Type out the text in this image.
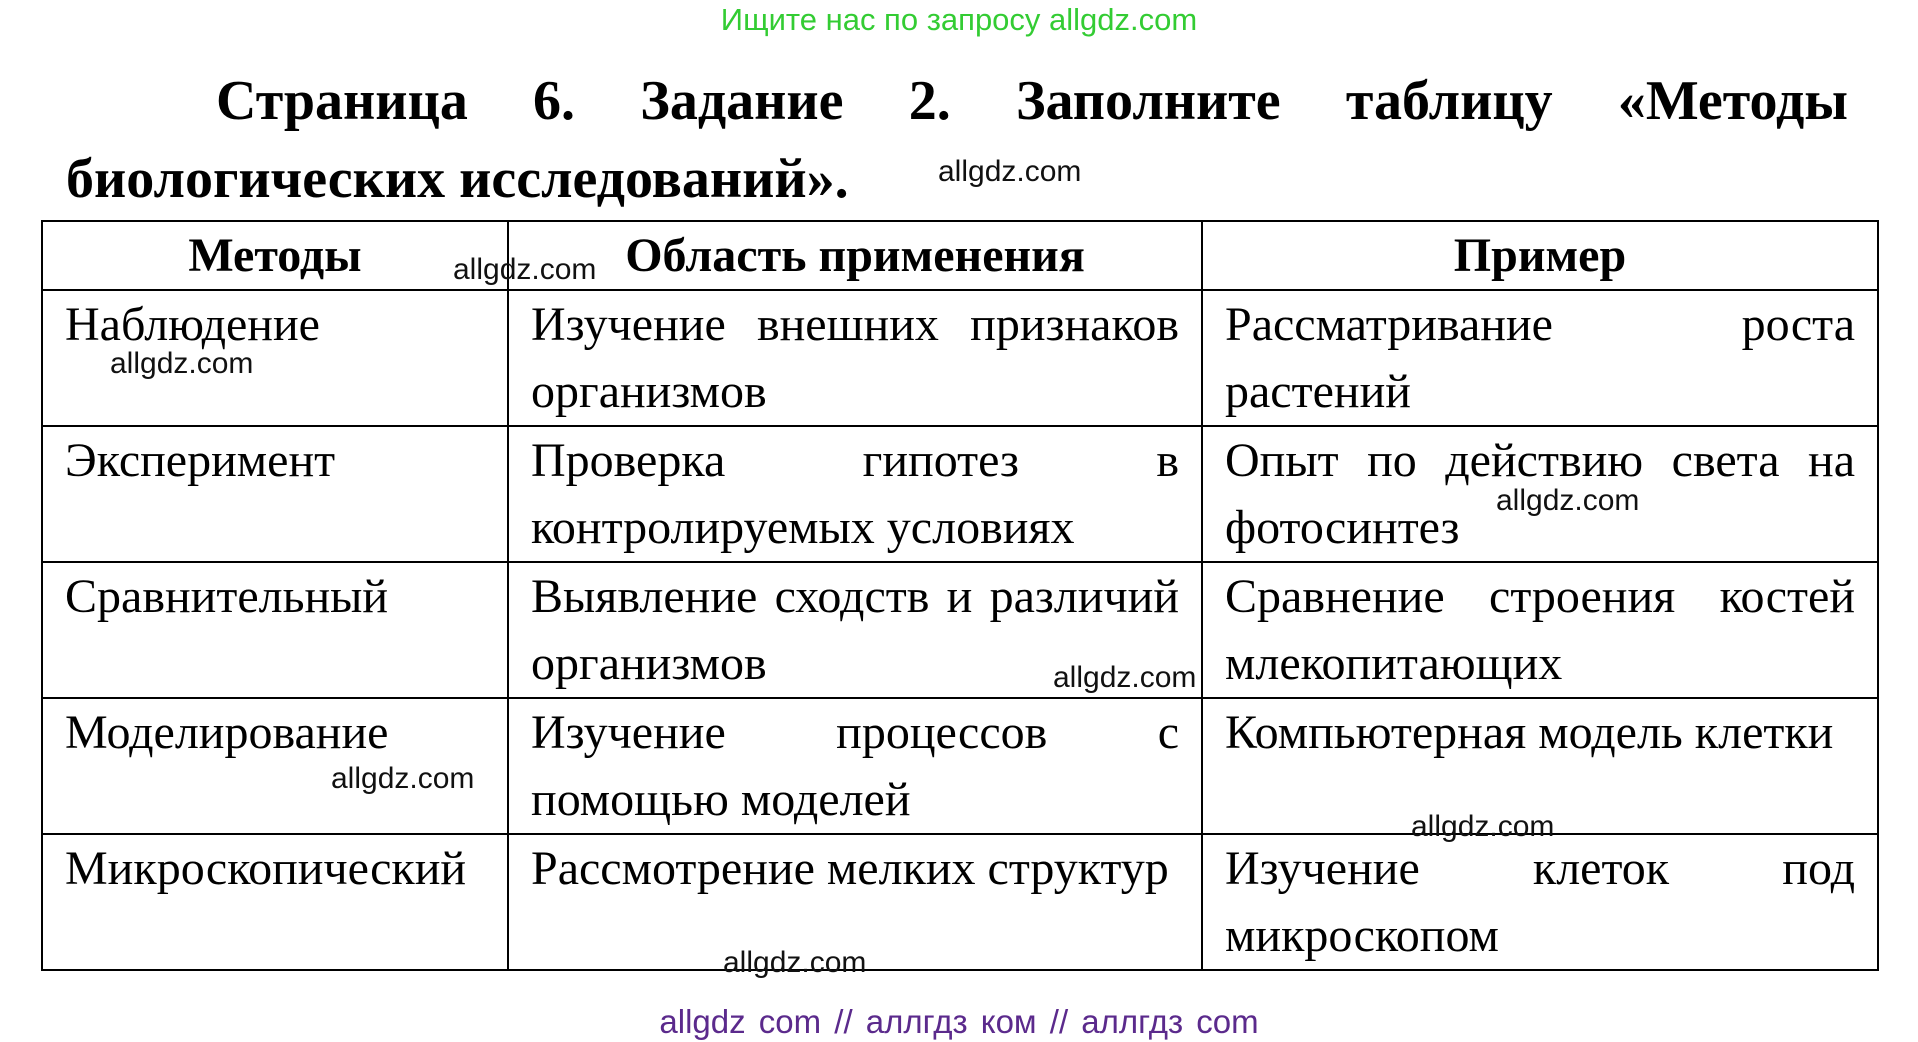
Ищите нас по запросу allgdz.com
Страница 6. Задание 2. Заполните таблицу «Методы биологических исследований».	allgdz.com
Методы	Область применения	Пример
Наблюдение	Изучение внешних признаков организмов	Рассматривание роста растений
Эксперимент	Проверка гипотез в контролируемых условиях	Опыт по действию света на фотосинтез
Сравнительный	Выявление сходств и различий организмов	Сравнение строения костей млекопитающих
Моделирование	Изучение процессов с помощью моделей	Компьютерная модель клетки
Микроскопический	Рассмотрение мелких структур	Изучение клеток под микроскопом
allgdz.com
allgdz.com
allgdz.com
allgdz.com
allgdz.com
allgdz.com
allgdz.com
allgdz com // аллгдз ком // аллгдз com
